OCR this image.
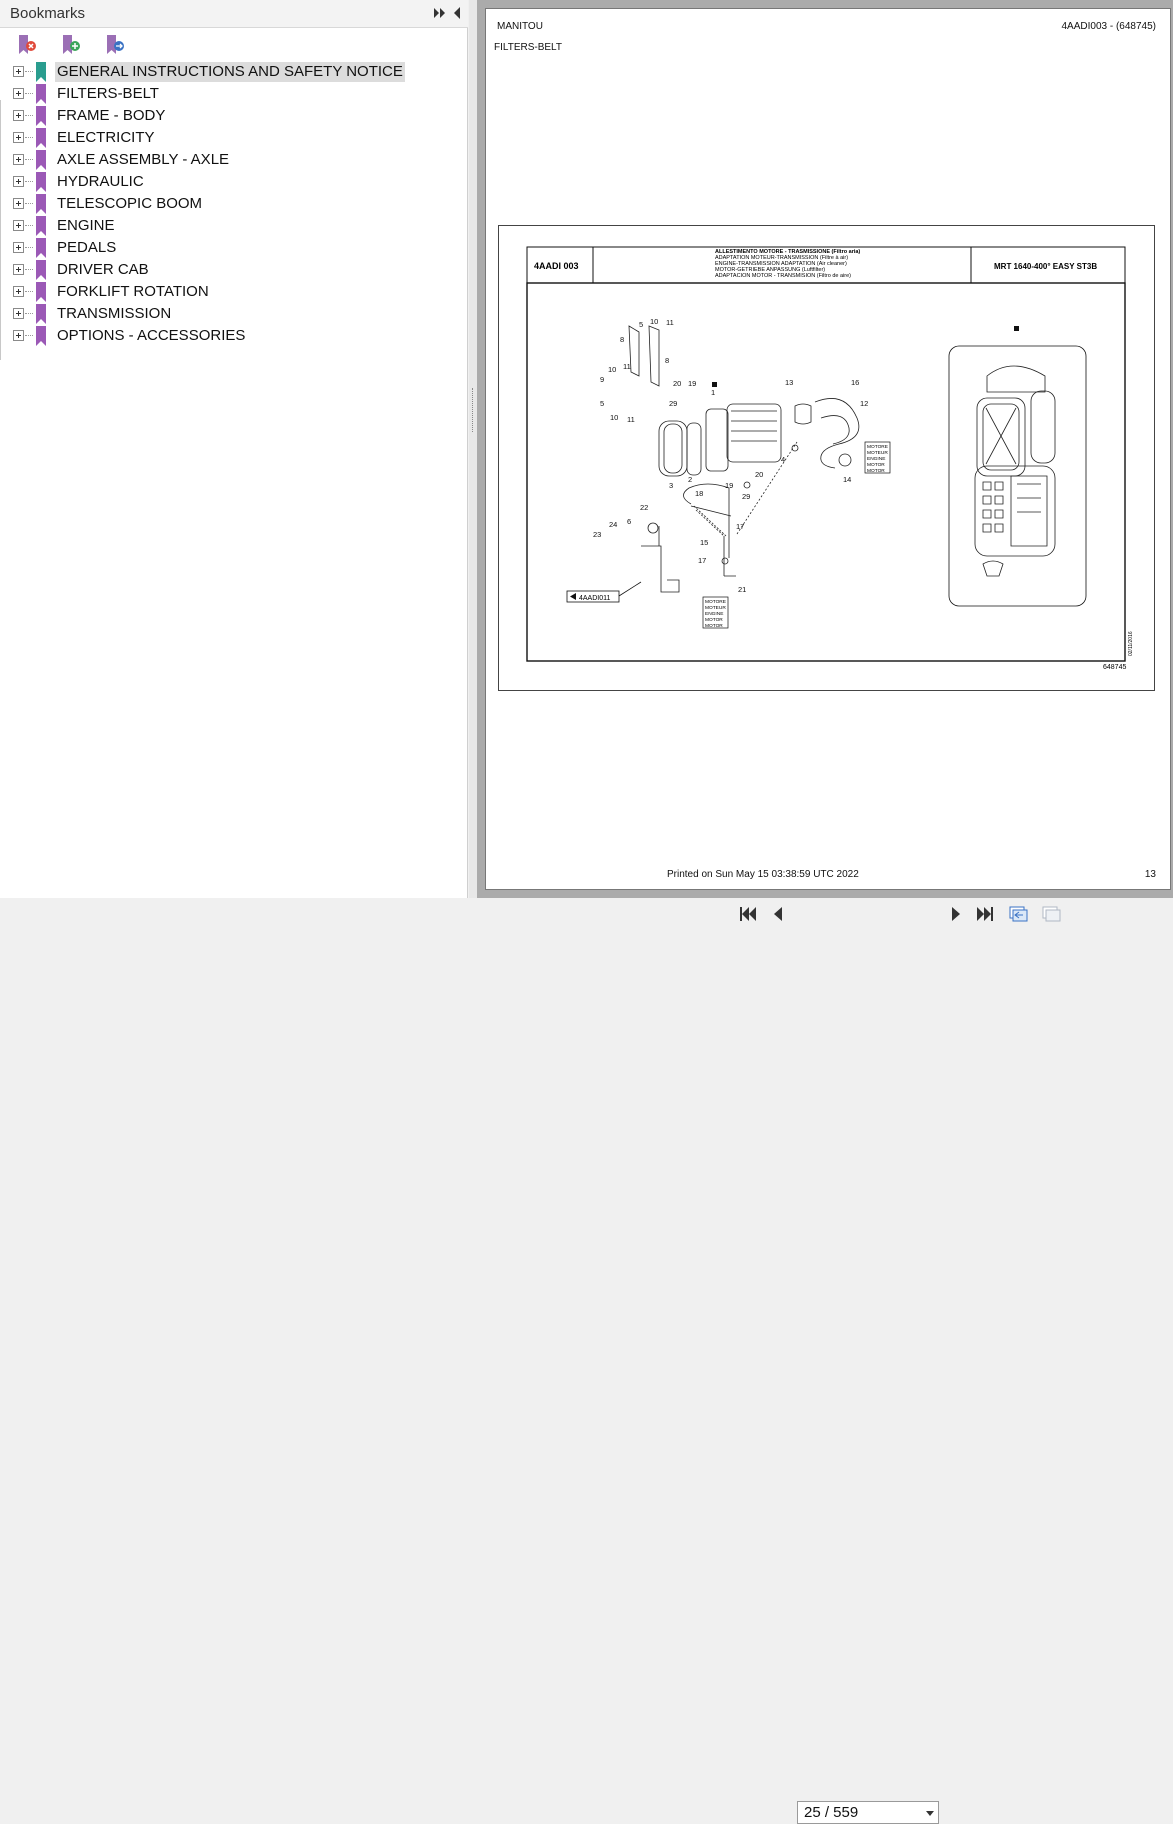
Bookmarks
GENERAL INSTRUCTIONS AND SAFETY NOTICE
FILTERS-BELT
FRAME - BODY
ELECTRICITY
AXLE ASSEMBLY - AXLE
HYDRAULIC
TELESCOPIC BOOM
ENGINE
PEDALS
DRIVER CAB
FORKLIFT ROTATION
TRANSMISSION
OPTIONS - ACCESSORIES
MANITOU	4AADI003 - (648745)
FILTERS-BELT
4AADI 003	MRT 1640-400° EASY ST3B
ALLESTIMENTO MOTORE - TRASMISSIONE (Filtro aria)
ADAPTATION MOTEUR-TRANSMISSION (Filtre à air)
ENGINE-TRANSMISSION ADAPTATION (Air cleaner)
MOTOR-GETRIEBE ANPASSUNG (Luftfilter)
ADAPTACION MOTOR - TRANSMISION (Filtro de aire)
5 10 11
8
8
10 11
9
5
10 11
20 19
29
1
13	16
12
4
3
2
19
29
20
14
18
22
24 6
23
17
15
17
21
4AADI011
MOTORE
MOTEUR
ENGINE
MOTOR
MOTOR
MOTORE
MOTEUR
ENGINE
MOTOR
MOTOR
648745
02/11/2016
Printed on Sun May 15 03:38:59 UTC 2022	13
25 / 559
